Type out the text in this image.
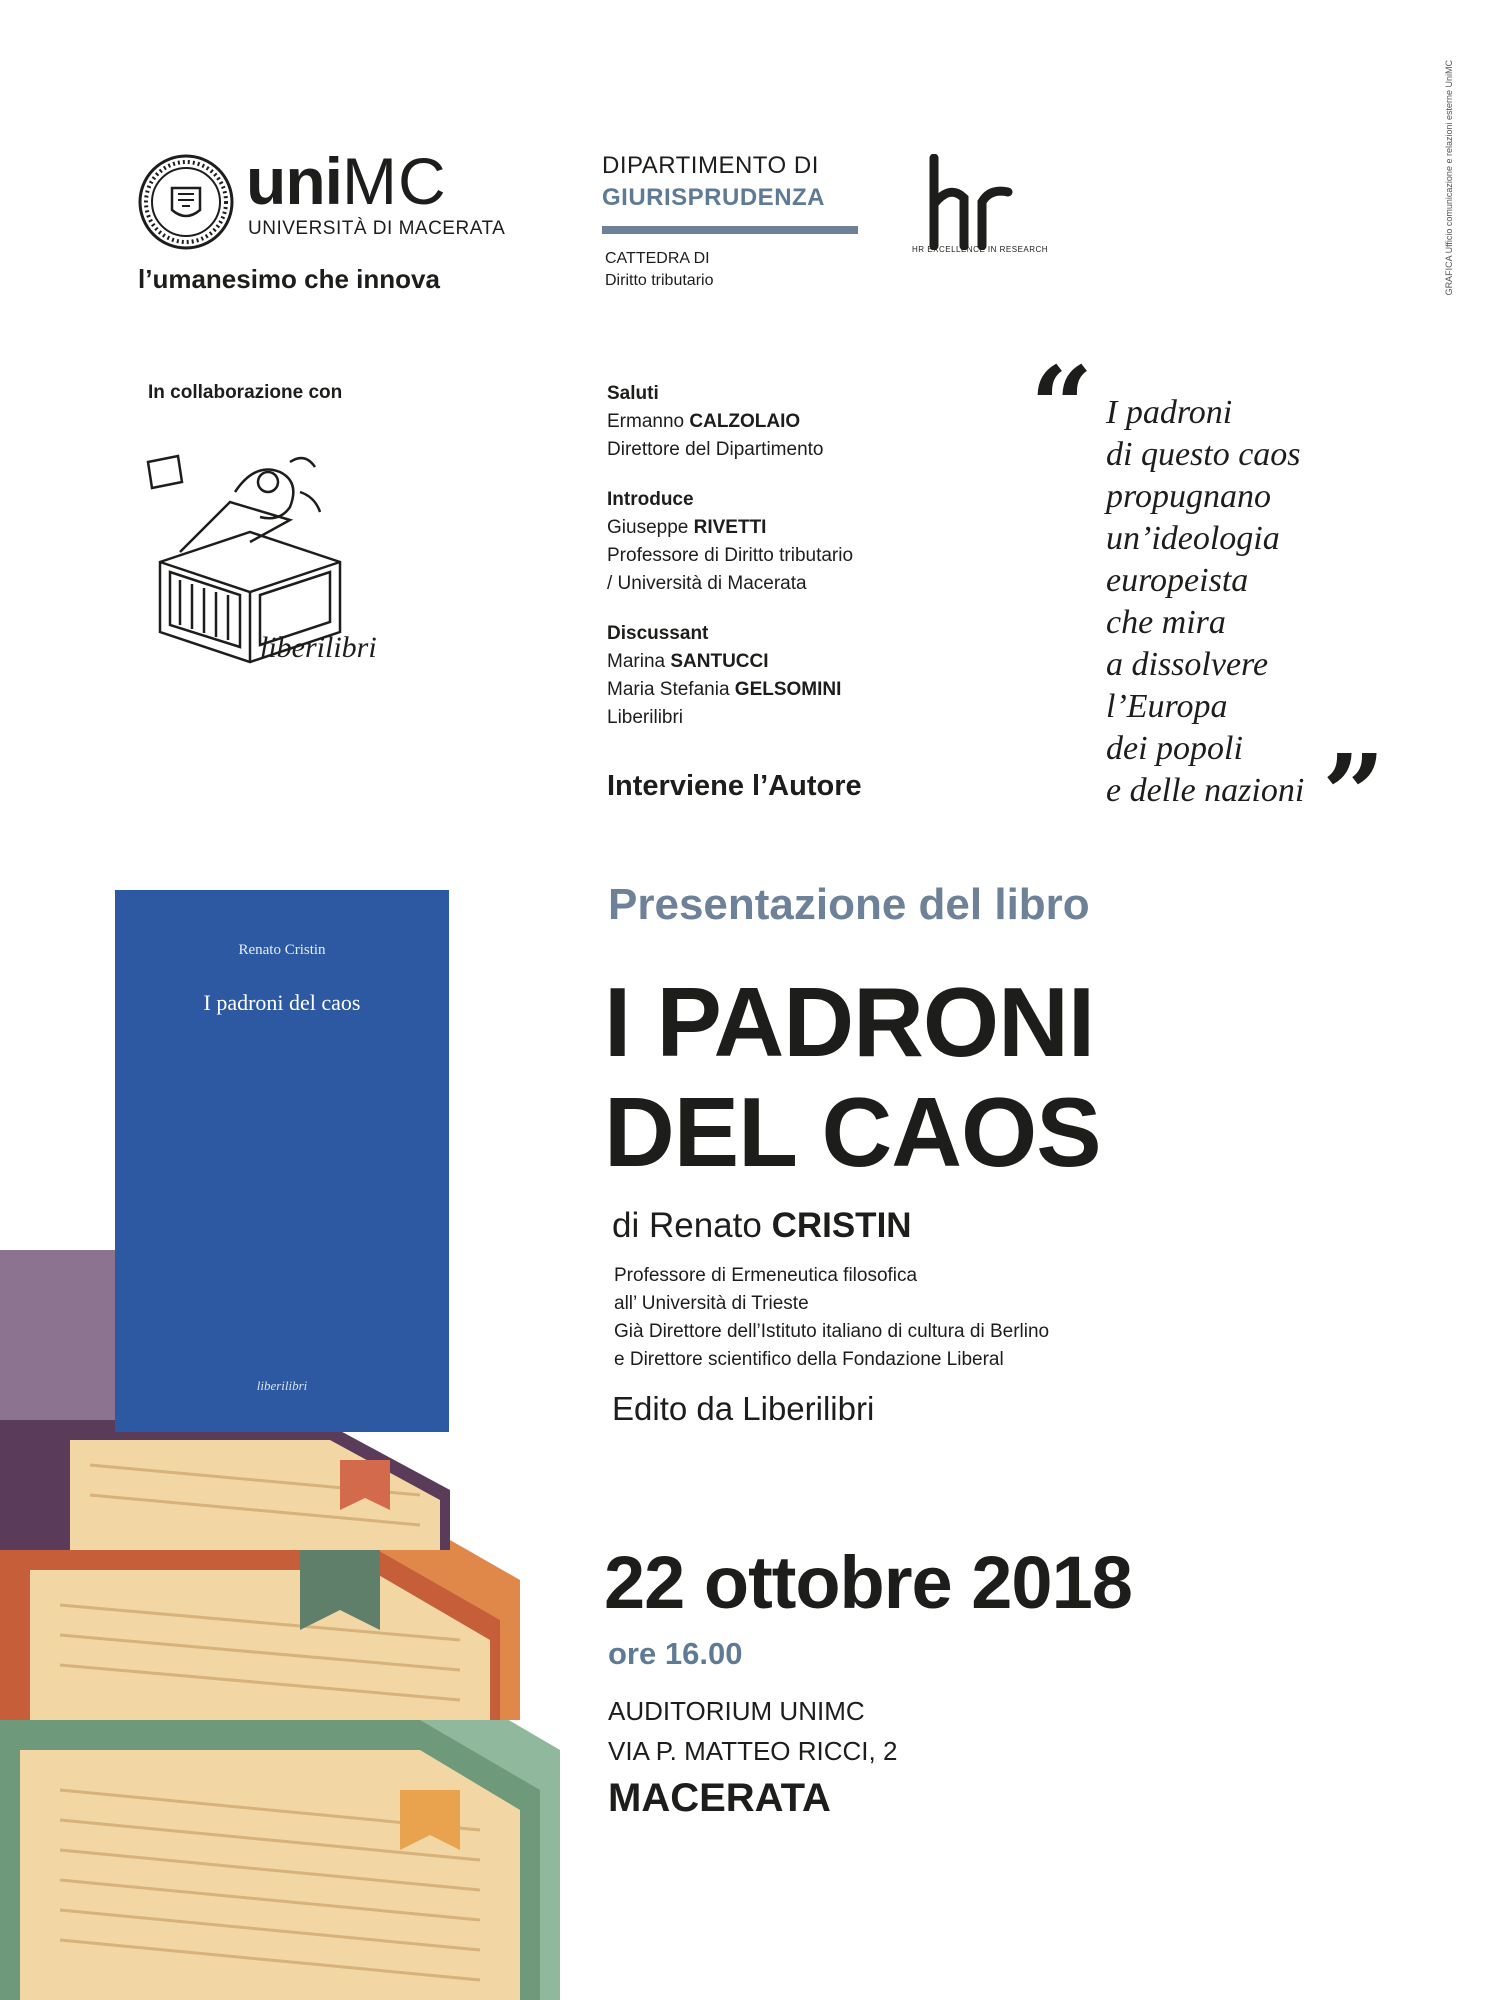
uniMC
UNIVERSITÀ DI MACERATA
l’umanesimo che innova
DIPARTIMENTO DI
GIURISPRUDENZA
CATTEDRA DI
Diritto tributario
HR EXCELLENCE IN RESEARCH	GRAFICA Ufficio comunicazione e relazioni esterne UniMC
In collaborazione con
liberilibri
Saluti
Ermanno CALZOLAIO
Direttore del Dipartimento
Introduce
Giuseppe RIVETTI
Professore di Diritto tributario
/ Università di Macerata
Discussant
Marina SANTUCCI
Maria Stefania GELSOMINI
Liberilibri
Interviene l’Autore
“ I padroni
di questo caos
propugnano
un’ideologia
europeista
che mira
a dissolvere
l’Europa
dei popoli
e delle nazioni ”
Renato Cristin
I padroni del caos
liberilibri
Presentazione del libro
I PADRONI
DEL CAOS
di Renato CRISTIN
Professore di Ermeneutica filosofica
all’ Università di Trieste
Già Direttore dell’Istituto italiano di cultura di Berlino
e Direttore scientifico della Fondazione Liberal
Edito da Liberilibri
22 ottobre 2018
ore 16.00
AUDITORIUM UNIMC
VIA P. MATTEO RICCI, 2
MACERATA
